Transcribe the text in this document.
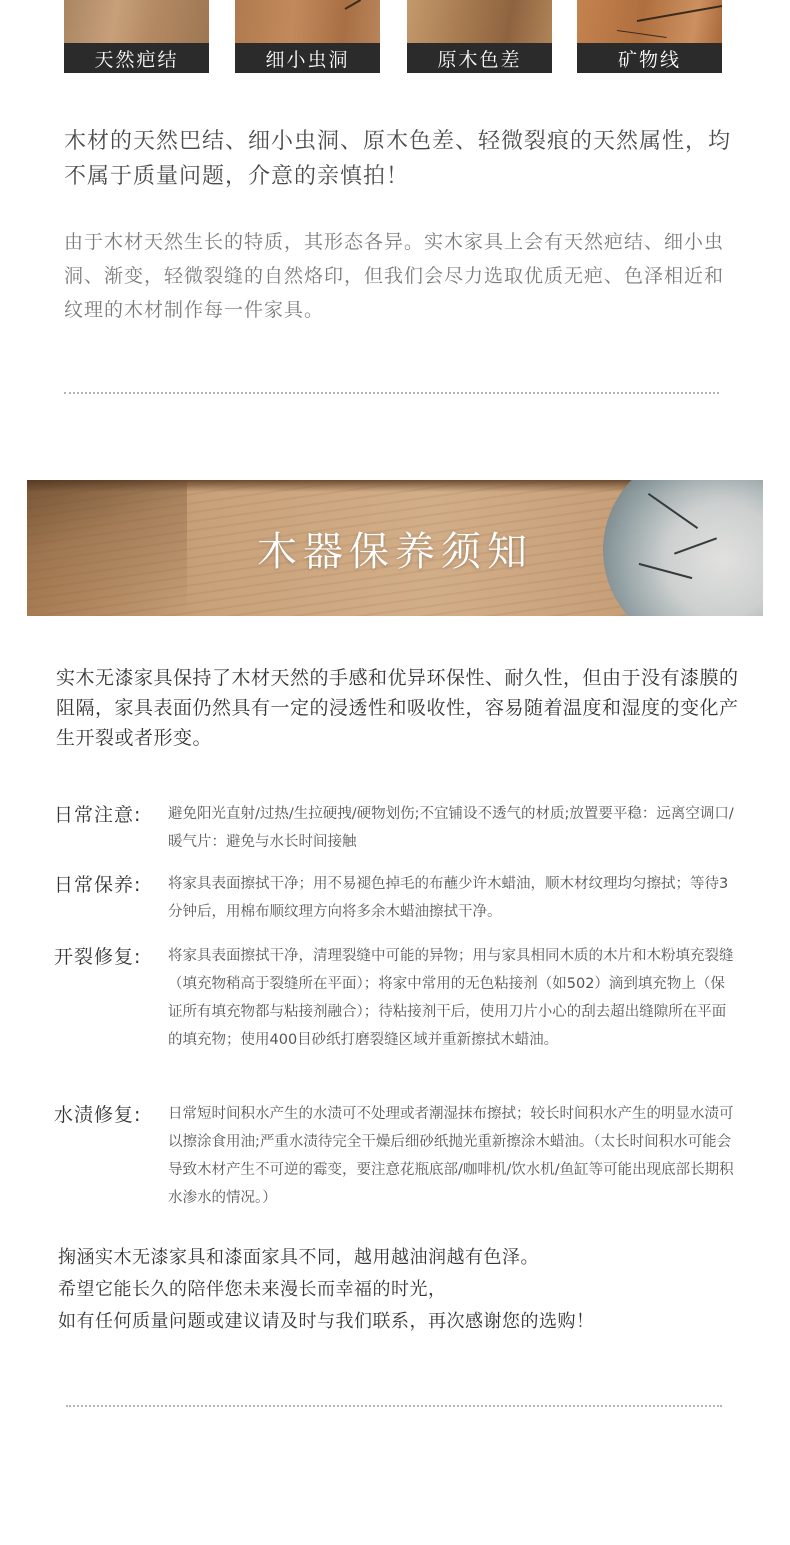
天然疤结	细小虫洞	原木色差	矿物线

木材的天然巴结、细小虫洞、原木色差、轻微裂痕的天然属性，均不属于质量问题，介意的亲慎拍！

由于木材天然生长的特质，其形态各异。实木家具上会有天然疤结、细小虫洞、渐变，轻微裂缝的自然烙印，但我们会尽力选取优质无疤、色泽相近和纹理的木材制作每一件家具。

木器保养须知

实木无漆家具保持了木材天然的手感和优异环保性、耐久性，但由于没有漆膜的阻隔，家具表面仍然具有一定的浸透性和吸收性，容易随着温度和湿度的变化产生开裂或者形变。

日常注意:	避免阳光直射/过热/生拉硬拽/硬物划伤;不宜铺设不透气的材质;放置要平稳：远离空调口/暖气片：避免与水长时间接触
日常保养:	将家具表面擦拭干净；用不易褪色掉毛的布蘸少许木蜡油，顺木材纹理均匀擦拭；等待3分钟后，用棉布顺纹理方向将多余木蜡油擦拭干净。
开裂修复:	将家具表面擦拭干净，清理裂缝中可能的异物；用与家具相同木质的木片和木粉填充裂缝（填充物稍高于裂缝所在平面）；将家中常用的无色粘接剂（如502）滴到填充物上（保证所有填充物都与粘接剂融合）；待粘接剂干后，使用刀片小心的刮去超出缝隙所在平面的填充物；使用400目砂纸打磨裂缝区域并重新擦拭木蜡油。
水渍修复:	日常短时间积水产生的水渍可不处理或者潮湿抹布擦拭；较长时间积水产生的明显水渍可以擦涂食用油;严重水渍待完全干燥后细砂纸抛光重新擦涂木蜡油。（太长时间积水可能会导致木材产生不可逆的霉变，要注意花瓶底部/咖啡机/饮水机/鱼缸等可能出现底部长期积水渗水的情况。）
掬涵实木无漆家具和漆面家具不同，越用越油润越有色泽。
希望它能长久的陪伴您未来漫长而幸福的时光，
如有任何质量问题或建议请及时与我们联系，再次感谢您的选购！
